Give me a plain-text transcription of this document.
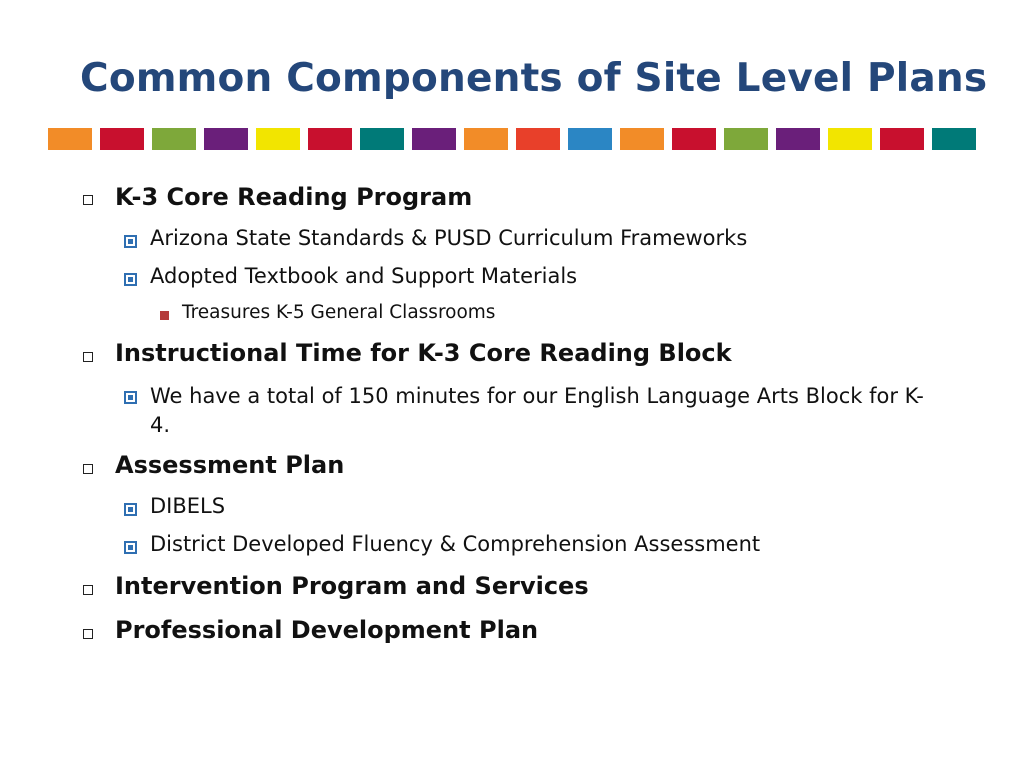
Common Components of Site Level Plans
K-3 Core Reading Program
Arizona State Standards & PUSD Curriculum Frameworks
Adopted Textbook and Support Materials
Treasures K-5 General Classrooms
Instructional Time for K-3 Core Reading Block
We have a total of 150 minutes for our English Language Arts Block for K-4.
Assessment Plan
DIBELS
District Developed Fluency & Comprehension Assessment
Intervention Program and Services
Professional Development Plan
